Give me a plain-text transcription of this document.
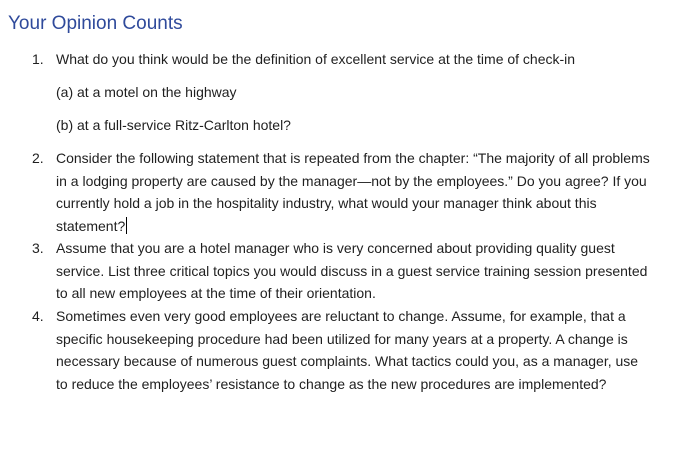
Your Opinion Counts
1. What do you think would be the definition of excellent service at the time of check-in
(a) at a motel on the highway
(b) at a full-service Ritz-Carlton hotel?
2. Consider the following statement that is repeated from the chapter: “The majority of all problems in a lodging property are caused by the manager—not by the employees.” Do you agree? If you currently hold a job in the hospitality industry, what would your manager think about this statement?
3. Assume that you are a hotel manager who is very concerned about providing quality guest service. List three critical topics you would discuss in a guest service training session presented to all new employees at the time of their orientation.
4. Sometimes even very good employees are reluctant to change. Assume, for example, that a specific housekeeping procedure had been utilized for many years at a property. A change is necessary because of numerous guest complaints. What tactics could you, as a manager, use to reduce the employees’ resistance to change as the new procedures are implemented?
